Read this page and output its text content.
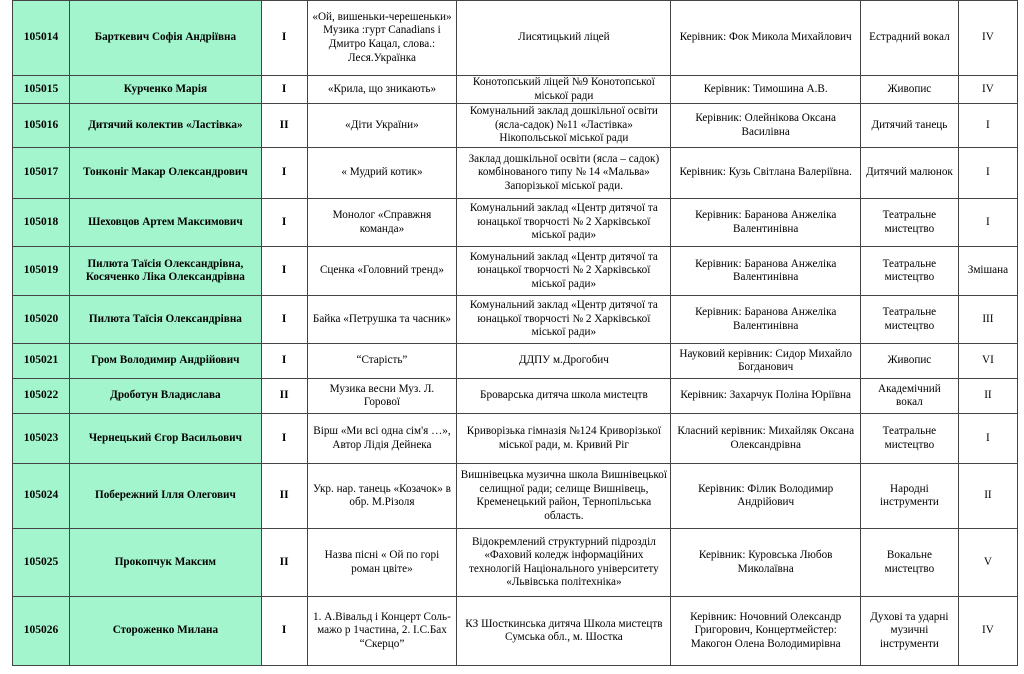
105014	Барткевич Софія Андріївна	I	«Ой, вишеньки-черешеньки» Музика :гурт Canadians і Дмитро Кацал, слова.: Леся.Українка	Лисятицький ліцей	Керівник: Фок Микола Михайлович	Естрадний вокал	IV
105015	Курченко Марія	I	«Крила, що зникають»	Конотопський ліцей №9 Конотопської міської ради	Керівник: Тимошина А.В.	Живопис	IV
105016	Дитячий колектив «Ластівка»	II	«Діти України»	Комунальний заклад дошкільної освіти (ясла-садок) №11 «Ластівка» Нікопольської міської ради	Керівник: Олейнікова Оксана Василівна	Дитячий танець	I
105017	Тонконіг Макар Олександрович	I	« Мудрий котик»	Заклад дошкільної освіти (ясла – садок) комбінованого типу № 14 «Мальва» Запорізької міської ради.	Керівник: Кузь Світлана Валеріївна.	Дитячий малюнок	I
105018	Шеховцов Артем Максимович	I	Монолог «Справжня команда»	Комунальний заклад «Центр дитячої та юнацької творчості № 2 Харківської міської ради»	Керівник: Баранова Анжеліка Валентинівна	Театральне мистецтво	I
105019	Пилюта Таїсія Олександрівна, Косяченко Ліка Олександрівна	I	Сценка «Головний тренд»	Комунальний заклад «Центр дитячої та юнацької творчості № 2 Харківської міської ради»	Керівник: Баранова Анжеліка Валентинівна	Театральне мистецтво	Змішана
105020	Пилюта Таїсія Олександрівна	I	Байка «Петрушка та часник»	Комунальний заклад «Центр дитячої та юнацької творчості № 2 Харківської міської ради»	Керівник: Баранова Анжеліка Валентинівна	Театральне мистецтво	III
105021	Гром Володимир Андрійович	I	“Старість”	ДДПУ м.Дрогобич	Науковий керівник: Сидор Михайло Богданович	Живопис	VI
105022	Дроботун Владислава	II	Музика весни Муз. Л. Горової	Броварська дитяча школа мистецтв	Керівник: Захарчук Поліна Юріївна	Академічний вокал	II
105023	Чернецький Єгор Васильович	I	Вірш «Ми всі одна сім'я …», Автор Лідія Дейнека	Криворізька гімназія №124 Криворізької міської ради, м. Кривий Ріг	Класний керівник: Михайляк Оксана Олександрівна	Театральне мистецтво	I
105024	Побережний Ілля Олегович	II	Укр. нар. танець «Козачок» в обр. М.Різоля	Вишнівецька музична школа Вишнівецької селищної ради; селище Вишнівець, Кременецький район, Тернопільська область.	Керівник: Філик Володимир Андрійович	Народні інструменти	II
105025	Прокопчук Максим	II	Назва пісні « Ой по горі роман цвіте»	Відокремлений структурний підрозділ «Фаховий коледж інформаційних технологій Національного університету «Львівська політехніка»	Керівник: Куровська Любов Миколаївна	Вокальне мистецтво	V
105026	Стороженко Милана	I	1. А.Вівальд і Концерт Соль-мажо р 1частина, 2. І.С.Бах “Скерцо”	КЗ Шосткинська дитяча Школа мистецтв Сумська обл., м. Шостка	Керівник: Ночовний Олександр Григорович, Концертмейстер: Макогон Олена Володимирівна	Духові та ударні музичні інструменти	IV
